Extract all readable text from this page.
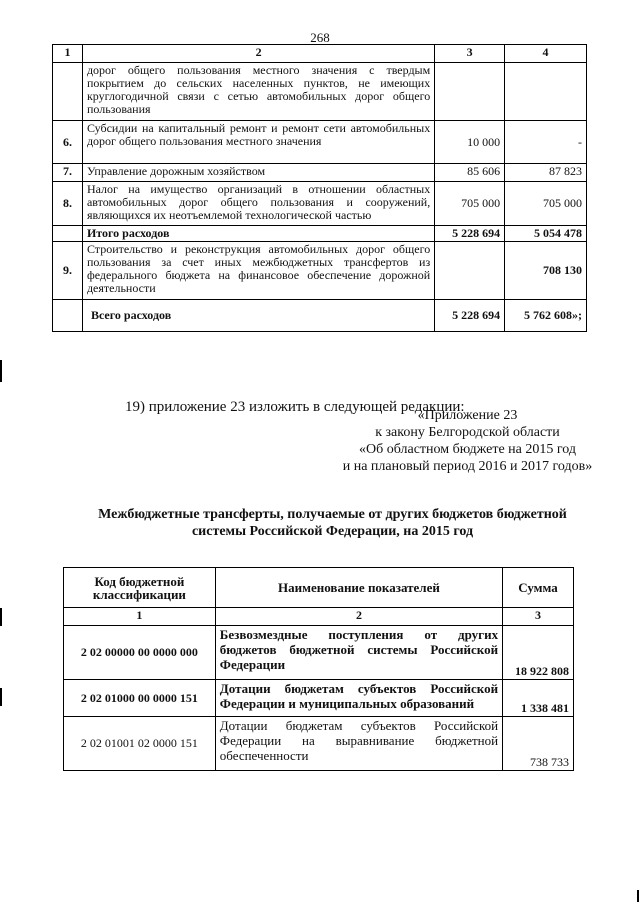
268
1	2	3	4
	дорог общего пользования местного значения с твердым покрытием до сельских населенных пунктов, не имеющих круглогодичной связи с сетью автомобильных дорог общего пользования		
6.	Субсидии на капитальный ремонт и ремонт сети автомобильных дорог общего пользования местного значения	10 000	-
7.	Управление дорожным хозяйством	85 606	87 823
8.	Налог на имущество организаций в отношении областных автомобильных дорог общего пользования и сооружений, являющихся их неотъемлемой технологической частью	705 000	705 000
	Итого расходов	5 228 694	5 054 478
9.	Строительство и реконструкция автомобильных дорог общего пользования за счет иных межбюджетных трансфертов из федерального бюджета на финансовое обеспечение дорожной деятельности		708 130
	Всего расходов	5 228 694	5 762 608»;
19) приложение 23 изложить в следующей редакции:
«Приложение 23
к закону Белгородской области
«Об областном бюджете на 2015 год
и на плановый период 2016 и 2017 годов»
Межбюджетные трансферты, получаемые от других бюджетов бюджетной
системы Российской Федерации, на 2015 год
Код бюджетной классификации	Наименование показателей	Сумма
1	2	3
2 02 00000 00 0000 000	Безвозмездные поступления от других бюджетов бюджетной системы Российской Федерации	18 922 808
2 02 01000 00 0000 151	Дотации бюджетам субъектов Российской Федерации и муниципальных образований	1 338 481
2 02 01001 02 0000 151	Дотации бюджетам субъектов Российской Федерации на выравнивание бюджетной обеспеченности	738 733
